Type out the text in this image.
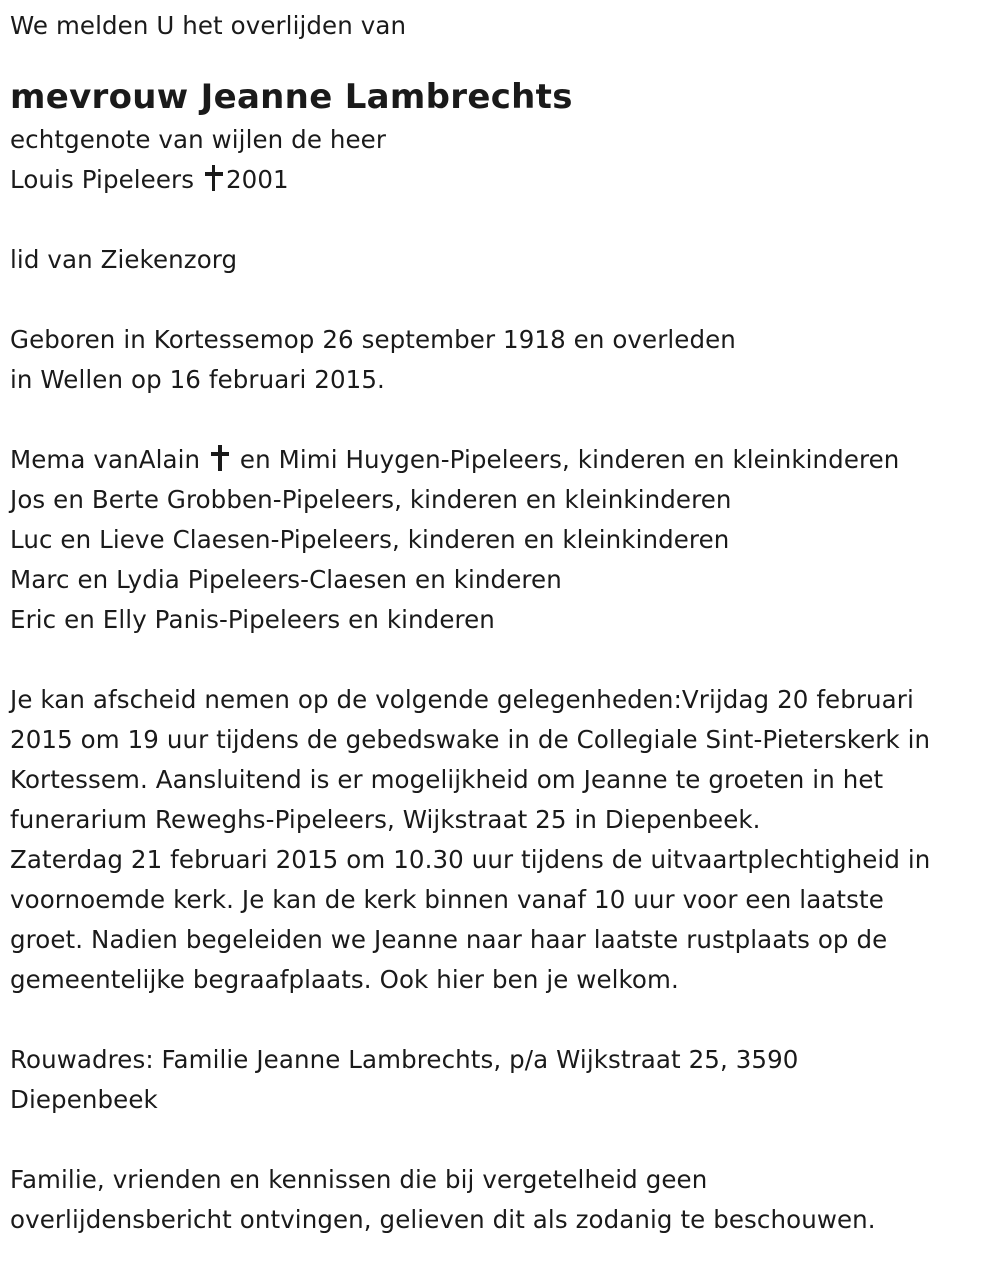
We melden U het overlijden van
mevrouw Jeanne Lambrechts
echtgenote van wijlen de heer
Louis Pipeleers 2001
lid van Ziekenzorg
Geboren in Kortessemop 26 september 1918 en overleden
in Wellen op 16 februari 2015.
Mema vanAlain en Mimi Huygen-Pipeleers, kinderen en kleinkinderen
Jos en Berte Grobben-Pipeleers, kinderen en kleinkinderen
Luc en Lieve Claesen-Pipeleers, kinderen en kleinkinderen
Marc en Lydia Pipeleers-Claesen en kinderen
Eric en Elly Panis-Pipeleers en kinderen
Je kan afscheid nemen op de volgende gelegenheden:Vrijdag 20 februari
2015 om 19 uur tijdens de gebedswake in de Collegiale Sint-Pieterskerk in
Kortessem. Aansluitend is er mogelijkheid om Jeanne te groeten in het
funerarium Reweghs-Pipeleers, Wijkstraat 25 in Diepenbeek.
Zaterdag 21 februari 2015 om 10.30 uur tijdens de uitvaartplechtigheid in
voornoemde kerk. Je kan de kerk binnen vanaf 10 uur voor een laatste
groet. Nadien begeleiden we Jeanne naar haar laatste rustplaats op de
gemeentelijke begraafplaats. Ook hier ben je welkom.
Rouwadres: Familie Jeanne Lambrechts, p/a Wijkstraat 25, 3590
Diepenbeek
Familie, vrienden en kennissen die bij vergetelheid geen
overlijdensbericht ontvingen, gelieven dit als zodanig te beschouwen.
